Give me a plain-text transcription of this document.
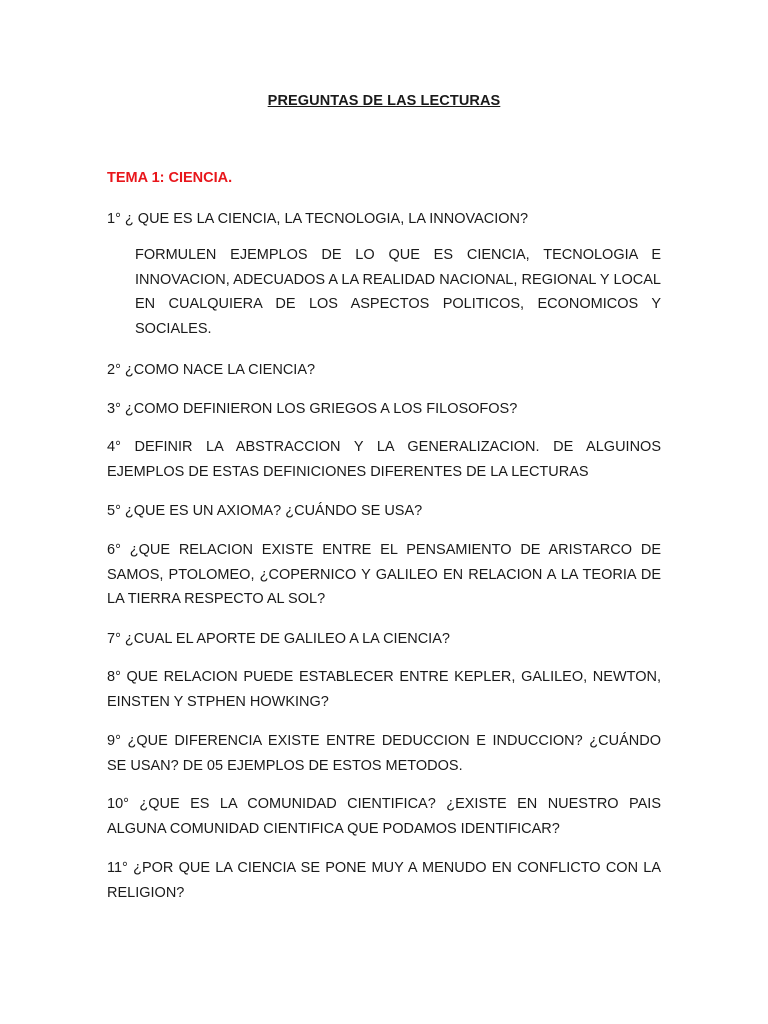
PREGUNTAS DE LAS LECTURAS
TEMA 1: CIENCIA.
1° ¿ QUE ES LA CIENCIA, LA TECNOLOGIA, LA INNOVACION?
FORMULEN EJEMPLOS DE LO QUE ES CIENCIA, TECNOLOGIA E INNOVACION, ADECUADOS A LA REALIDAD NACIONAL, REGIONAL Y LOCAL EN CUALQUIERA DE LOS ASPECTOS POLITICOS, ECONOMICOS Y SOCIALES.
2° ¿COMO NACE LA CIENCIA?
3° ¿COMO DEFINIERON LOS GRIEGOS A LOS FILOSOFOS?
4° DEFINIR LA ABSTRACCION Y LA GENERALIZACION. DE ALGUINOS EJEMPLOS DE ESTAS DEFINICIONES DIFERENTES DE LA LECTURAS
5° ¿QUE ES UN AXIOMA? ¿CUÁNDO SE USA?
6° ¿QUE RELACION EXISTE ENTRE EL PENSAMIENTO DE ARISTARCO DE SAMOS, PTOLOMEO, ¿COPERNICO Y GALILEO EN RELACION A LA TEORIA DE LA TIERRA RESPECTO AL SOL?
7° ¿CUAL EL APORTE DE GALILEO A LA CIENCIA?
8° QUE RELACION PUEDE ESTABLECER ENTRE KEPLER, GALILEO, NEWTON, EINSTEN Y STPHEN HOWKING?
9° ¿QUE DIFERENCIA EXISTE ENTRE DEDUCCION E INDUCCION? ¿CUÁNDO SE USAN? DE 05 EJEMPLOS DE ESTOS METODOS.
10° ¿QUE ES LA COMUNIDAD CIENTIFICA? ¿EXISTE EN NUESTRO PAIS ALGUNA COMUNIDAD CIENTIFICA QUE PODAMOS IDENTIFICAR?
11° ¿POR QUE LA CIENCIA SE PONE MUY A MENUDO EN CONFLICTO CON LA RELIGION?
